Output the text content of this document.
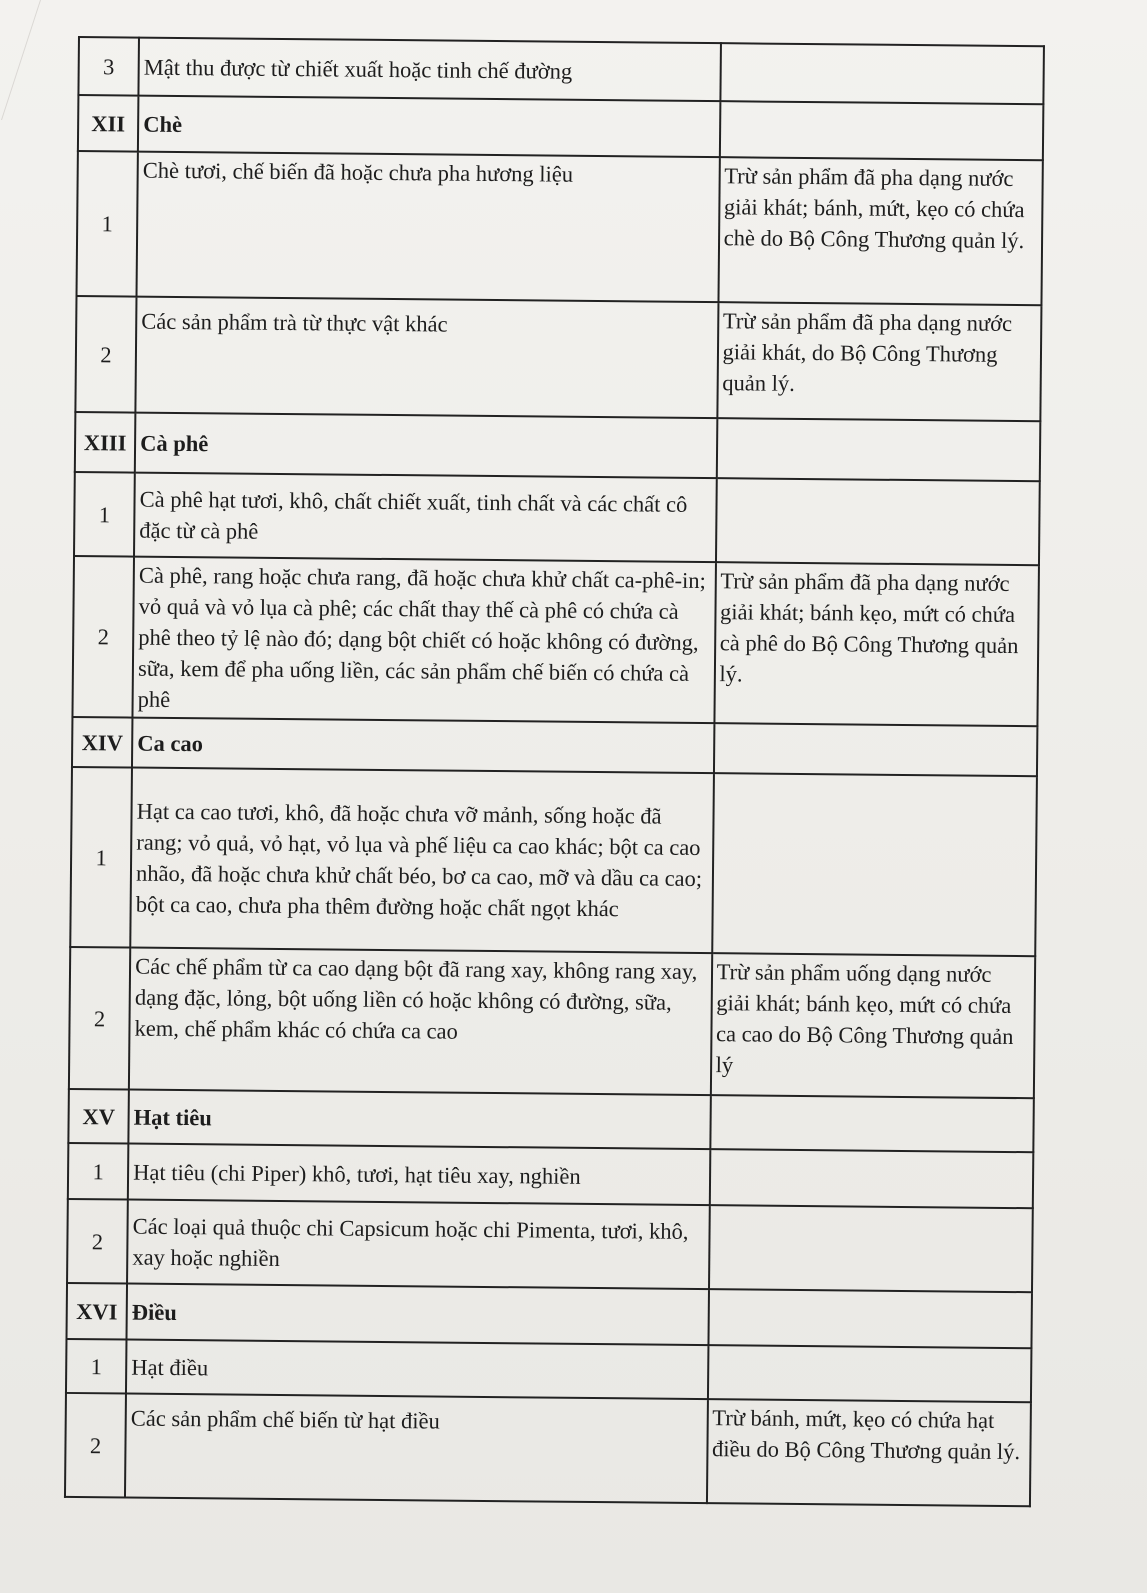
3	Mật thu được từ chiết xuất hoặc tinh chế đường	
XII	Chè	
1	Chè tươi, chế biến đã hoặc chưa pha hương liệu	Trừ sản phẩm đã pha dạng nước giải khát; bánh, mứt, kẹo có chứa chè do Bộ Công Thương quản lý.
2	Các sản phẩm trà từ thực vật khác	Trừ sản phẩm đã pha dạng nước giải khát, do Bộ Công Thương quản lý.
XIII	Cà phê	
1	Cà phê hạt tươi, khô, chất chiết xuất, tinh chất và các chất cô đặc từ cà phê	
2	Cà phê, rang hoặc chưa rang, đã hoặc chưa khử chất ca-phê-in; vỏ quả và vỏ lụa cà phê; các chất thay thế cà phê có chứa cà phê theo tỷ lệ nào đó; dạng bột chiết có hoặc không có đường, sữa, kem để pha uống liền, các sản phẩm chế biến có chứa cà phê	Trừ sản phẩm đã pha dạng nước giải khát; bánh kẹo, mứt có chứa cà phê do Bộ Công Thương quản lý.
XIV	Ca cao	
1	Hạt ca cao tươi, khô, đã hoặc chưa vỡ mảnh, sống hoặc đã rang; vỏ quả, vỏ hạt, vỏ lụa và phế liệu ca cao khác; bột ca cao nhão, đã hoặc chưa khử chất béo, bơ ca cao, mỡ và dầu ca cao; bột ca cao, chưa pha thêm đường hoặc chất ngọt khác	
2	Các chế phẩm từ ca cao dạng bột đã rang xay, không rang xay, dạng đặc, lỏng, bột uống liền có hoặc không có đường, sữa, kem, chế phẩm khác có chứa ca cao	Trừ sản phẩm uống dạng nước giải khát; bánh kẹo, mứt có chứa ca cao do Bộ Công Thương quản lý
XV	Hạt tiêu	
1	Hạt tiêu (chi Piper) khô, tươi, hạt tiêu xay, nghiền	
2	Các loại quả thuộc chi Capsicum hoặc chi Pimenta, tươi, khô, xay hoặc nghiền	
XVI	Điều	
1	Hạt điều	
2	Các sản phẩm chế biến từ hạt điều	Trừ bánh, mứt, kẹo có chứa hạt điều do Bộ Công Thương quản lý.
